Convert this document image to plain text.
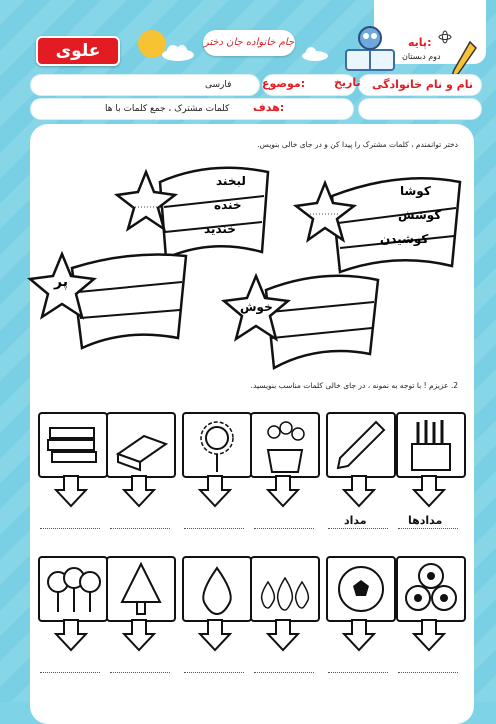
علوی	جام خانواده جان دختر	پایه:
دوم دبستان
تاریخ
موضوع:
فارسی	نام و نام خانوادگی
هدف:
کلمات مشترک ، جمع کلمات با ها
دختر توانمندم ، کلمات مشترک را پیدا کن و در جای خالی بنویس.
کوشا
کوشش
کوشیدن
لبخند
خنده
خندید
پر
خوش
2. عزیزم ! با توجه به نمونه ، در جای خالی کلمات مناسب بنویسید.
مداد	مدادها
